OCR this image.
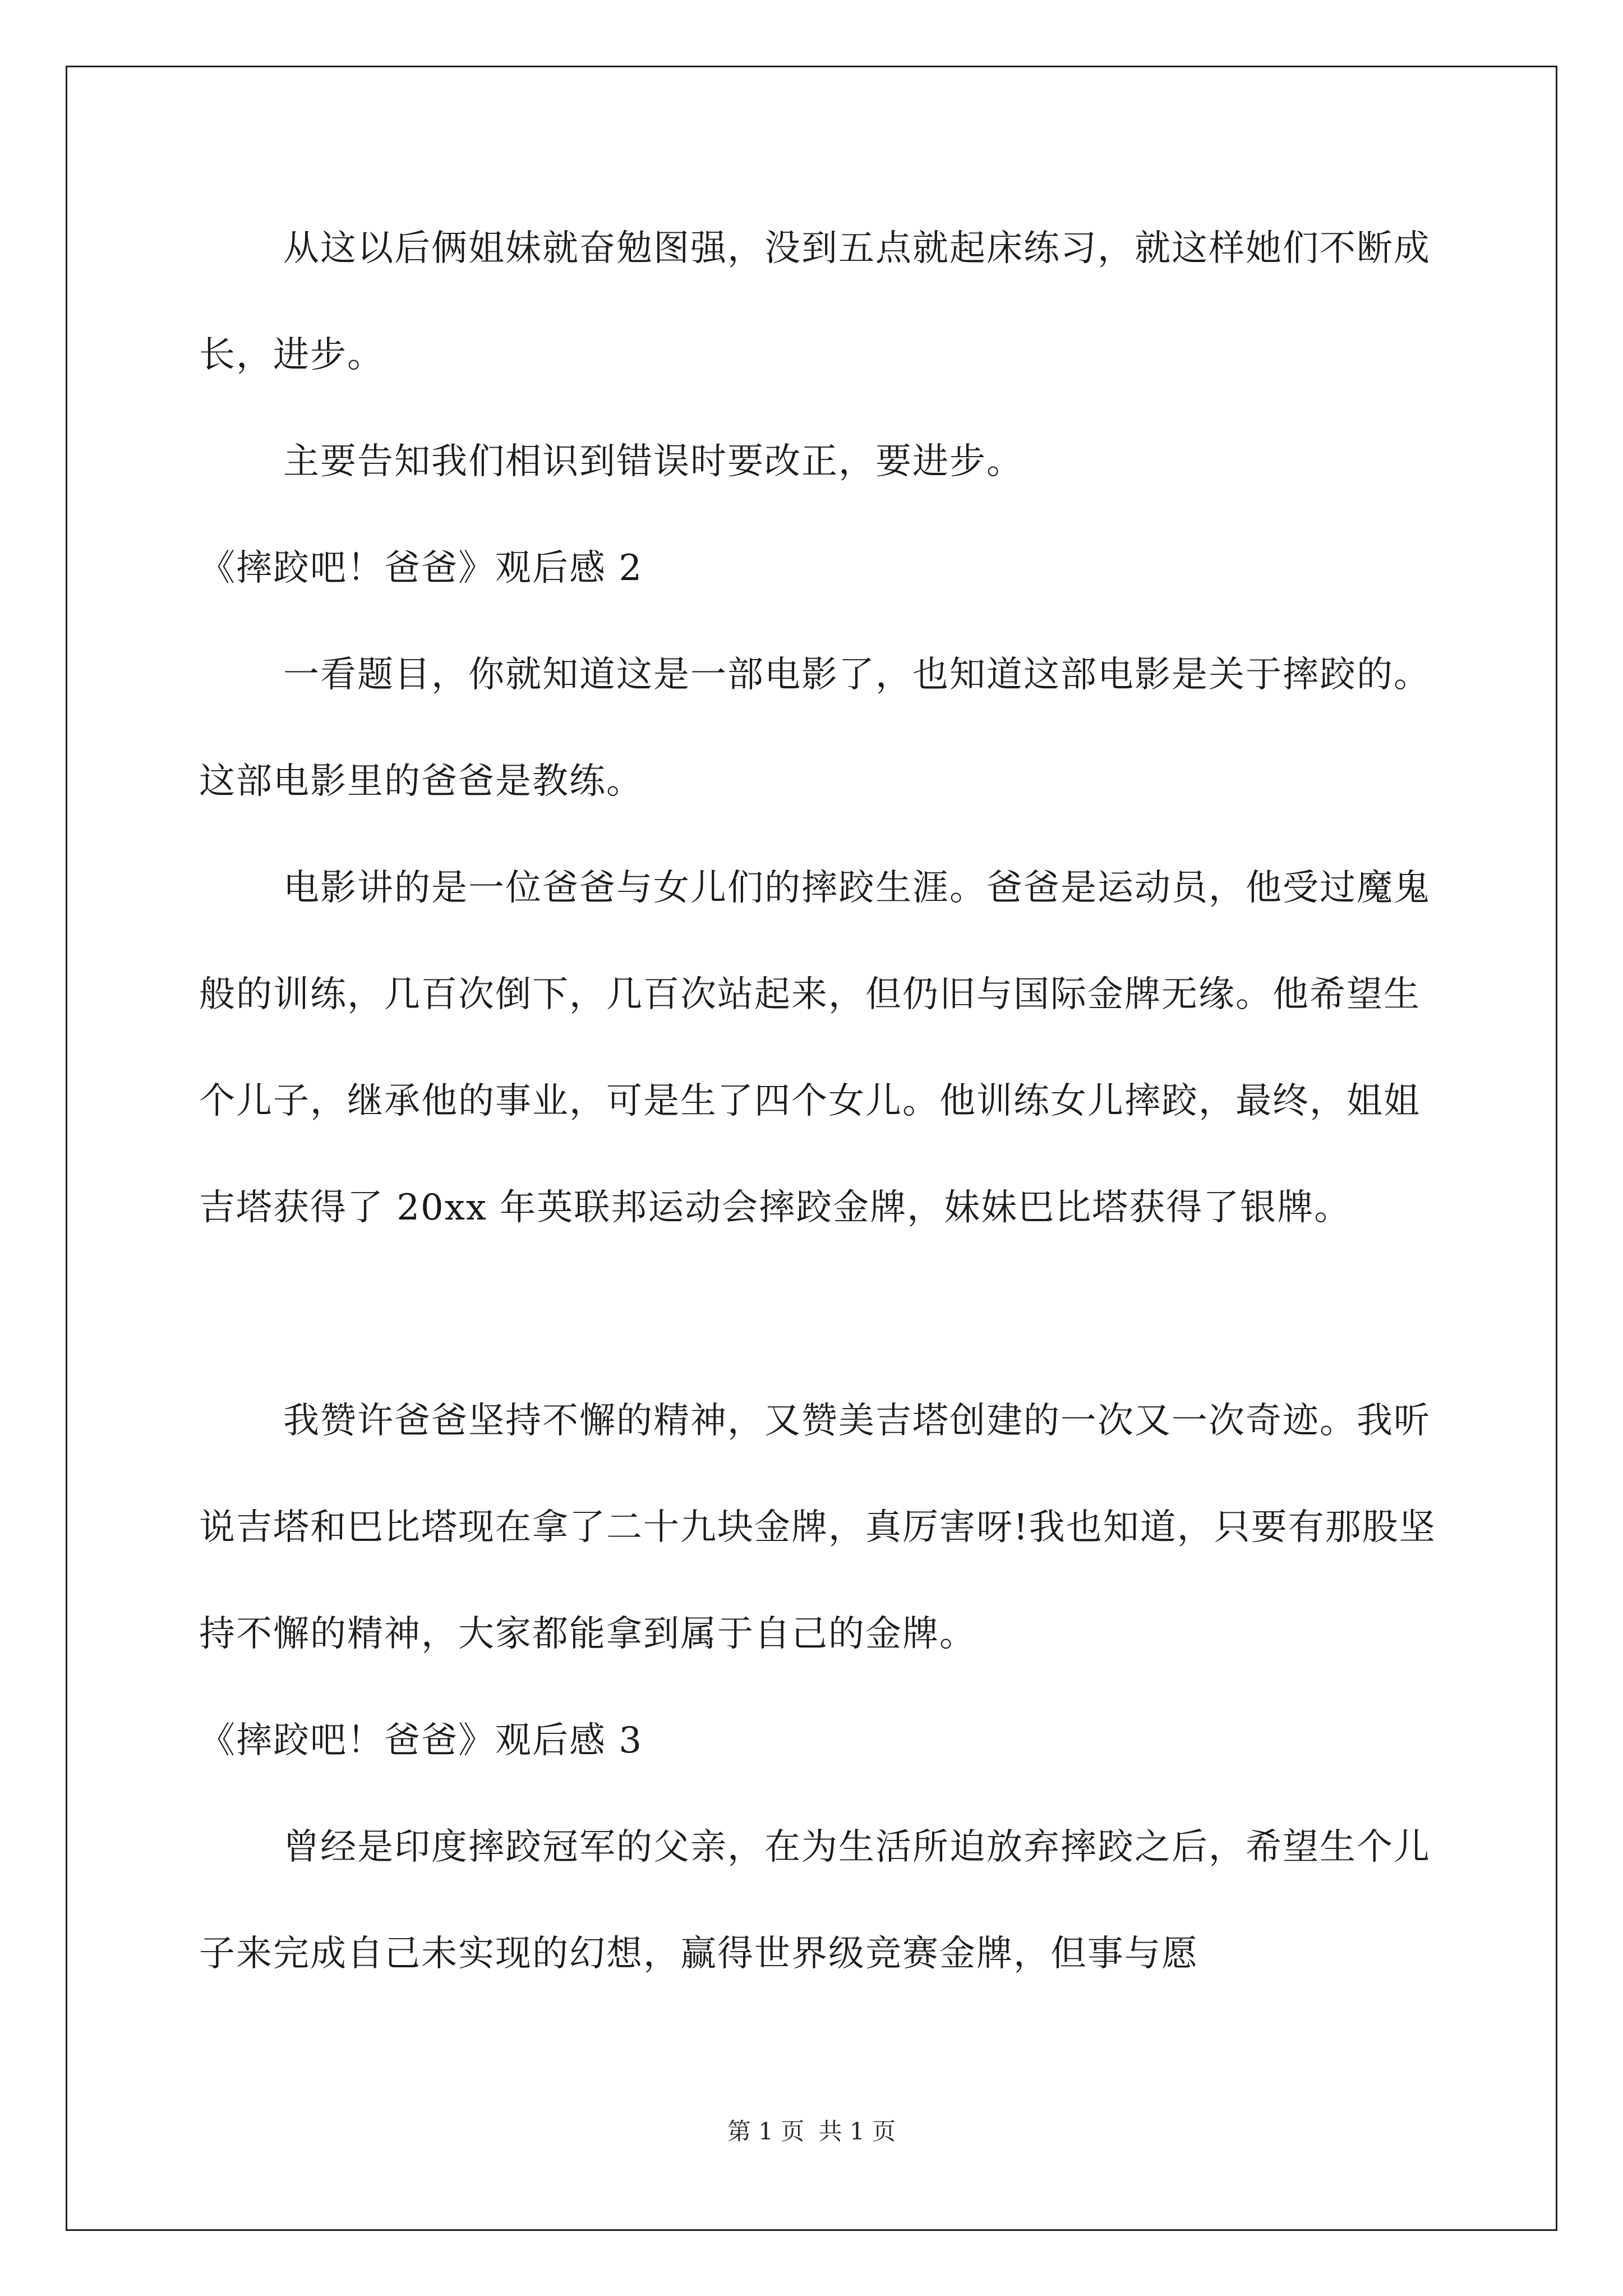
从这以后俩姐妹就奋勉图强，没到五点就起床练习，就这样她们不断成长，进步。

主要告知我们相识到错误时要改正，要进步。

《摔跤吧！爸爸》观后感 2

一看题目，你就知道这是一部电影了，也知道这部电影是关于摔跤的。这部电影里的爸爸是教练。

电影讲的是一位爸爸与女儿们的摔跤生涯。爸爸是运动员，他受过魔鬼般的训练，几百次倒下，几百次站起来，但仍旧与国际金牌无缘。他希望生个儿子，继承他的事业，可是生了四个女儿。他训练女儿摔跤，最终，姐姐吉塔获得了 20xx 年英联邦运动会摔跤金牌，妹妹巴比塔获得了银牌。

我赞许爸爸坚持不懈的精神，又赞美吉塔创建的一次又一次奇迹。我听说吉塔和巴比塔现在拿了二十九块金牌，真厉害呀!我也知道，只要有那股坚持不懈的精神，大家都能拿到属于自己的金牌。

《摔跤吧！爸爸》观后感 3

曾经是印度摔跤冠军的父亲，在为生活所迫放弃摔跤之后，希望生个儿子来完成自己未实现的幻想，赢得世界级竞赛金牌，但事与愿

第 1 页 共 1 页
